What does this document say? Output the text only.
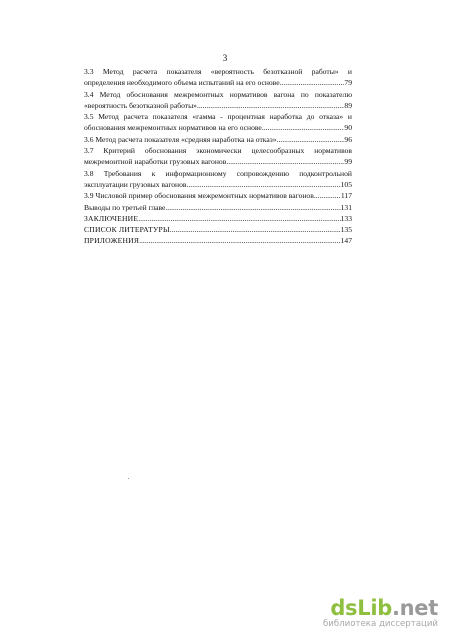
3
3.3 Метод расчета показателя «вероятность безотказной работы» и
определения необходимого объема испытаний на его основе .....	79
3.4 Метод обоснования межремонтных нормативов вагона по показателю
«вероятность безотказной работы» .....	89
3.5 Метод расчета показателя «гамма - процентная наработка до отказа» и
обоснования межремонтных нормативов на его основе .....	90
3.6 Метод расчета показателя «средняя наработка на отказ» .....	96
3.7 Критерий обоснования экономически целесообразных нормативов
межремонтной наработки грузовых вагонов .....	99
3.8 Требования к информационному сопровождению подконтрольной
эксплуатации грузовых вагонов .....	105
3.9 Числовой пример обоснования межремонтных нормативов вагонов .....	117
Выводы по третьей главе .....	131
ЗАКЛЮЧЕНИЕ .....	133
СПИСОК ЛИТЕРАТУРЫ .....	135
ПРИЛОЖЕНИЯ .....	147
dsLib.net
библиотека диссертаций
